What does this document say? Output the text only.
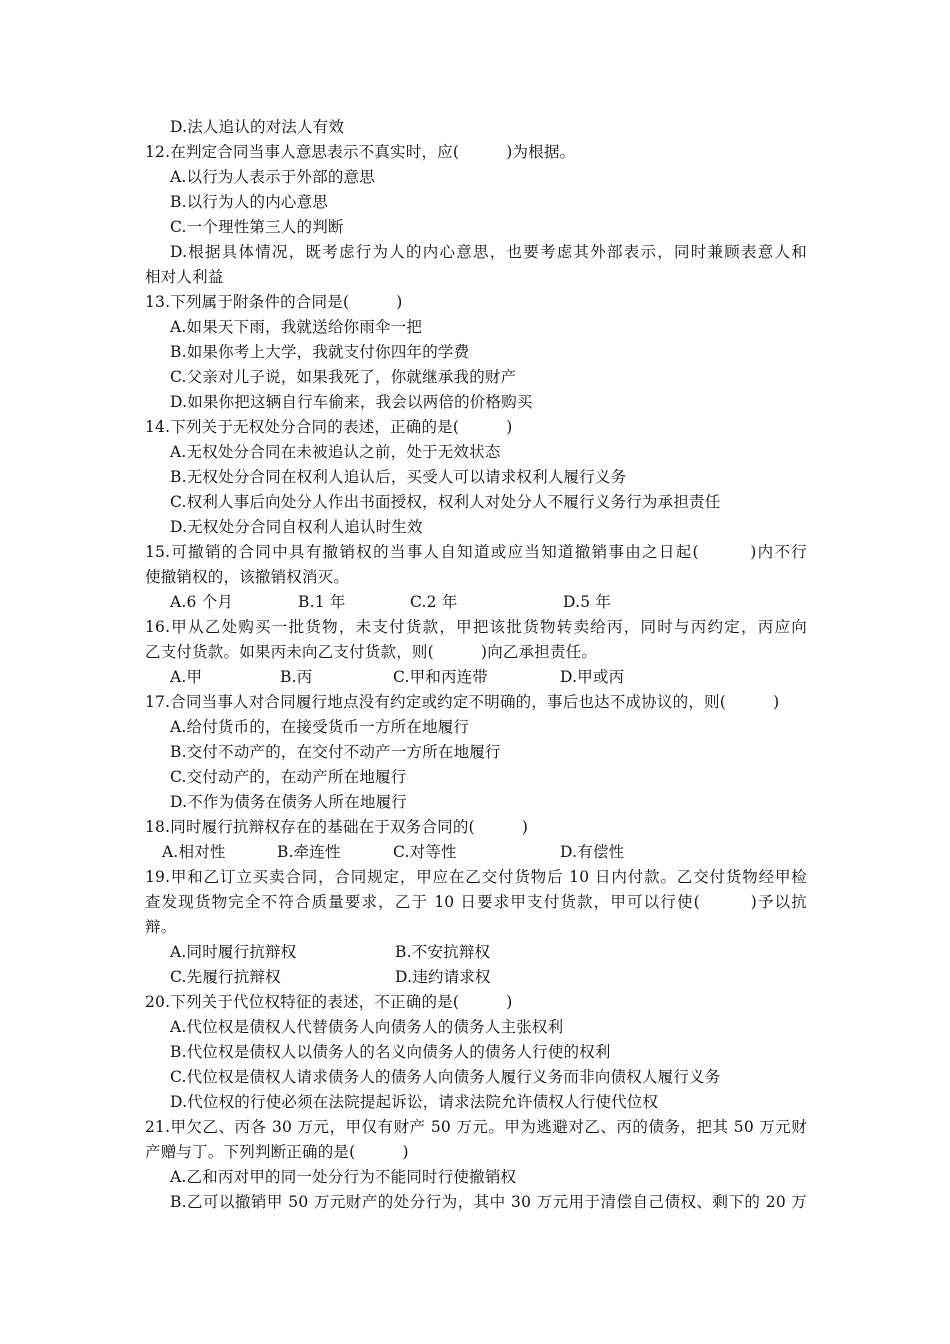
D.法人追认的对法人有效
12.在判定合同当事人意思表示不真实时，应(　　　)为根据。
A.以行为人表示于外部的意思
B.以行为人的内心意思
C.一个理性第三人的判断
D.根据具体情况，既考虑行为人的内心意思，也要考虑其外部表示，同时兼顾表意人和
相对人利益
13.下列属于附条件的合同是(　　　)
A.如果天下雨，我就送给你雨伞一把
B.如果你考上大学，我就支付你四年的学费
C.父亲对儿子说，如果我死了，你就继承我的财产
D.如果你把这辆自行车偷来，我会以两倍的价格购买
14.下列关于无权处分合同的表述，正确的是(　　　)
A.无权处分合同在未被追认之前，处于无效状态
B.无权处分合同在权利人追认后，买受人可以请求权利人履行义务
C.权利人事后向处分人作出书面授权，权利人对处分人不履行义务行为承担责任
D.无权处分合同自权利人追认时生效
15.可撤销的合同中具有撤销权的当事人自知道或应当知道撤销事由之日起(　　　)内不行
使撤销权的，该撤销权消灭。
A.6 个月	B.1 年	C.2 年	D.5 年
16.甲从乙处购买一批货物，未支付货款，甲把该批货物转卖给丙，同时与丙约定，丙应向
乙支付货款。如果丙未向乙支付货款，则(　　　)向乙承担责任。
A.甲	B.丙	C.甲和丙连带	D.甲或丙
17.合同当事人对合同履行地点没有约定或约定不明确的，事后也达不成协议的，则(　　　)
A.给付货币的，在接受货币一方所在地履行
B.交付不动产的，在交付不动产一方所在地履行
C.交付动产的，在动产所在地履行
D.不作为债务在债务人所在地履行
18.同时履行抗辩权存在的基础在于双务合同的(　　　)
A.相对性	B.牵连性	C.对等性	D.有偿性
19.甲和乙订立买卖合同，合同规定，甲应在乙交付货物后 10 日内付款。乙交付货物经甲检
查发现货物完全不符合质量要求，乙于 10 日要求甲支付货款，甲可以行使(　　　)予以抗
辩。
A.同时履行抗辩权	B.不安抗辩权
C.先履行抗辩权	D.违约请求权
20.下列关于代位权特征的表述，不正确的是(　　　)
A.代位权是债权人代替债务人向债务人的债务人主张权利
B.代位权是债权人以债务人的名义向债务人的债务人行使的权利
C.代位权是债权人请求债务人的债务人向债务人履行义务而非向债权人履行义务
D.代位权的行使必须在法院提起诉讼，请求法院允许债权人行使代位权
21.甲欠乙、丙各 30 万元，甲仅有财产 50 万元。甲为逃避对乙、丙的债务，把其 50 万元财
产赠与丁。下列判断正确的是(　　　)
A.乙和丙对甲的同一处分行为不能同时行使撤销权
B.乙可以撤销甲 50 万元财产的处分行为，其中 30 万元用于清偿自己债权、剩下的 20 万
